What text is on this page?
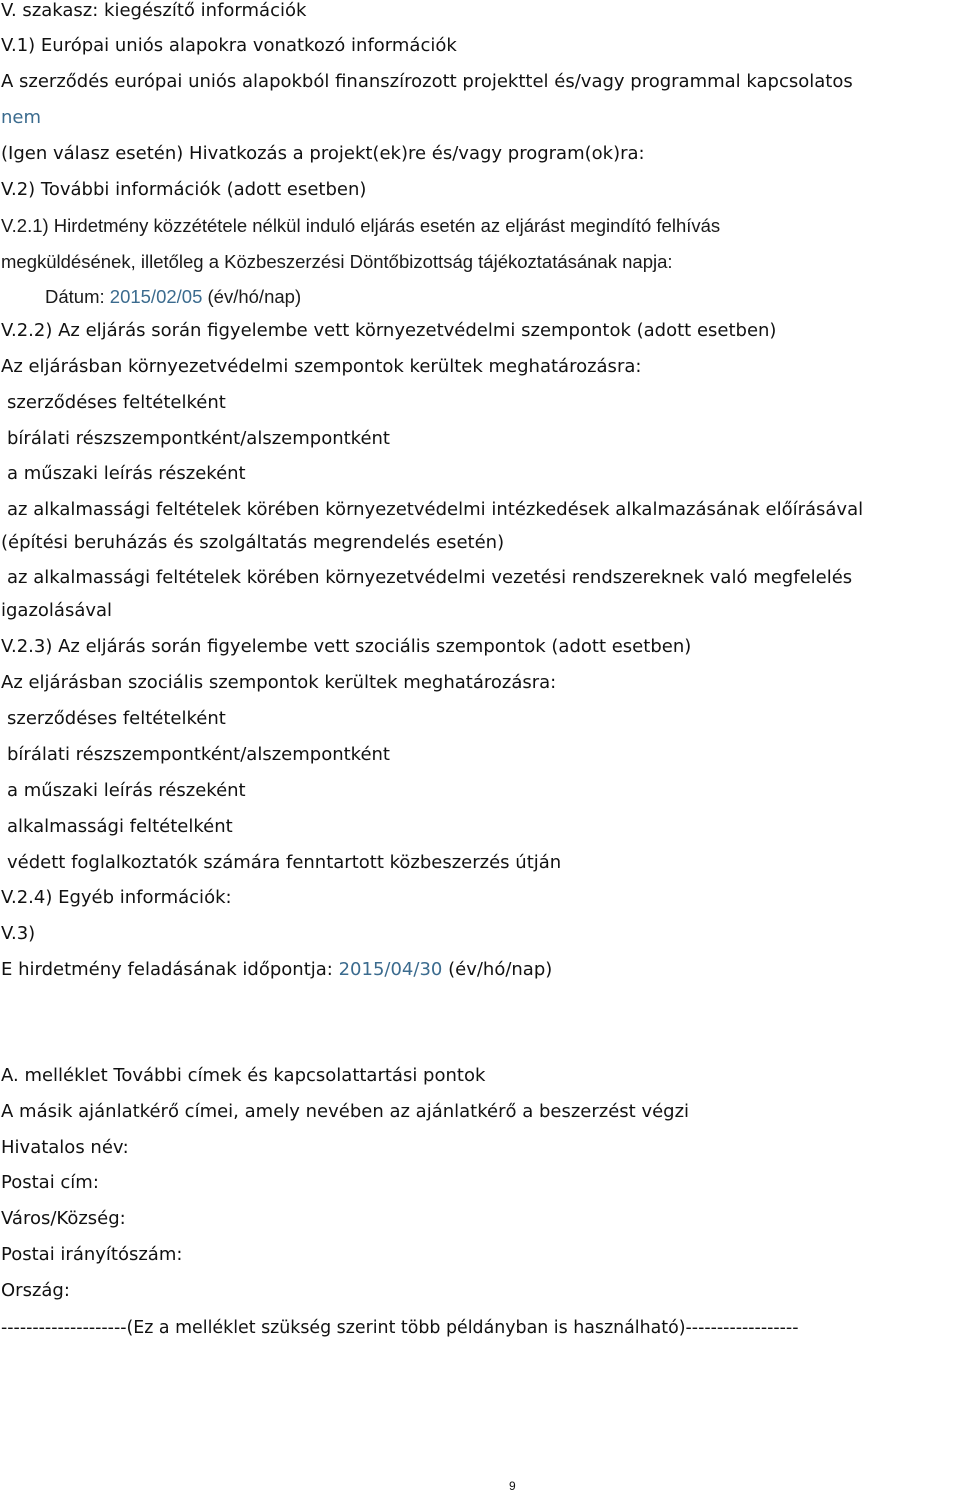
V. szakasz: kiegészítő információk

V.1) Európai uniós alapokra vonatkozó információk

A szerződés európai uniós alapokból finanszírozott projekttel és/vagy programmal kapcsolatos

nem

(Igen válasz esetén) Hivatkozás a projekt(ek)re és/vagy program(ok)ra:

V.2) További információk (adott esetben)

V.2.1) Hirdetmény közzététele nélkül induló eljárás esetén az eljárást megindító felhívás

megküldésének, illetőleg a Közbeszerzési Döntőbizottság tájékoztatásának napja:

Dátum: 2015/02/05 (év/hó/nap)

V.2.2) Az eljárás során figyelembe vett környezetvédelmi szempontok (adott esetben)

Az eljárásban környezetvédelmi szempontok kerültek meghatározásra:

szerződéses feltételként

bírálati részszempontként/alszempontként

a műszaki leírás részeként

az alkalmassági feltételek körében környezetvédelmi intézkedések alkalmazásának előírásával

(építési beruházás és szolgáltatás megrendelés esetén)

az alkalmassági feltételek körében környezetvédelmi vezetési rendszereknek való megfelelés

igazolásával

V.2.3) Az eljárás során figyelembe vett szociális szempontok (adott esetben)

Az eljárásban szociális szempontok kerültek meghatározásra:

szerződéses feltételként

bírálati részszempontként/alszempontként

a műszaki leírás részeként

alkalmassági feltételként

védett foglalkoztatók számára fenntartott közbeszerzés útján

V.2.4) Egyéb információk:

V.3)

E hirdetmény feladásának időpontja: 2015/04/30 (év/hó/nap)

A. melléklet További címek és kapcsolattartási pontok

A másik ajánlatkérő címei, amely nevében az ajánlatkérő a beszerzést végzi

Hivatalos név:

Postai cím:

Város/Község:

Postai irányítószám:

Ország:

--------------------(Ez a melléklet szükség szerint több példányban is használható)------------------

9
